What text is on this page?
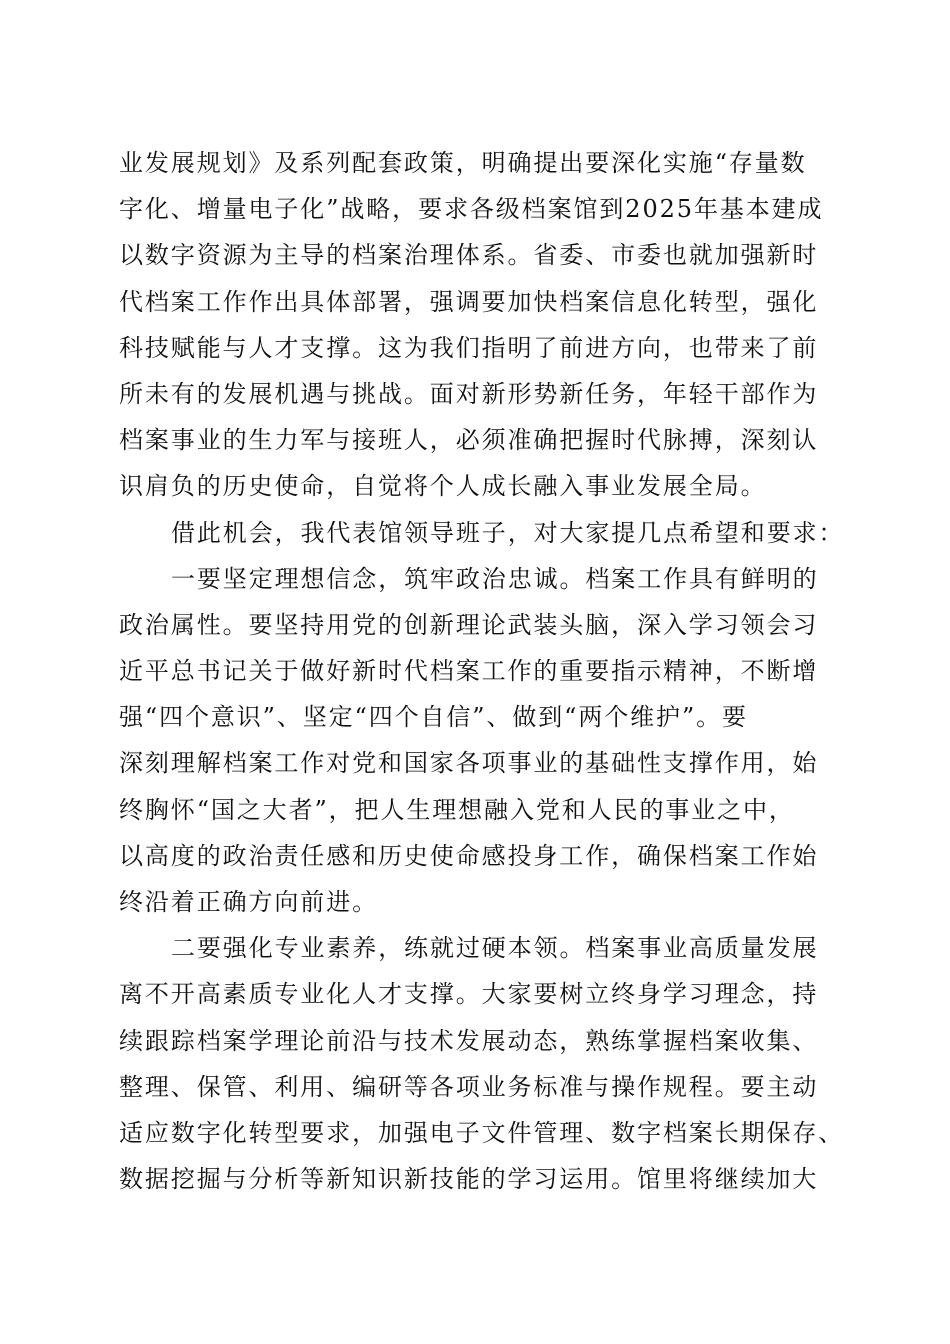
业发展规划》及系列配套政策，明确提出要深化实施“存量数
字化、增量电子化”战略，要求各级档案馆到2025年基本建成
以数字资源为主导的档案治理体系。省委、市委也就加强新时
代档案工作作出具体部署，强调要加快档案信息化转型，强化
科技赋能与人才支撑。这为我们指明了前进方向，也带来了前
所未有的发展机遇与挑战。面对新形势新任务，年轻干部作为
档案事业的生力军与接班人，必须准确把握时代脉搏，深刻认
识肩负的历史使命，自觉将个人成长融入事业发展全局。
借此机会，我代表馆领导班子，对大家提几点希望和要求：
一要坚定理想信念，筑牢政治忠诚。档案工作具有鲜明的
政治属性。要坚持用党的创新理论武装头脑，深入学习领会习
近平总书记关于做好新时代档案工作的重要指示精神，不断增
强“四个意识”、坚定“四个自信”、做到“两个维护”。要
深刻理解档案工作对党和国家各项事业的基础性支撑作用，始
终胸怀“国之大者”，把人生理想融入党和人民的事业之中，
以高度的政治责任感和历史使命感投身工作，确保档案工作始
终沿着正确方向前进。
二要强化专业素养，练就过硬本领。档案事业高质量发展
离不开高素质专业化人才支撑。大家要树立终身学习理念，持
续跟踪档案学理论前沿与技术发展动态，熟练掌握档案收集、
整理、保管、利用、编研等各项业务标准与操作规程。要主动
适应数字化转型要求，加强电子文件管理、数字档案长期保存、
数据挖掘与分析等新知识新技能的学习运用。馆里将继续加大
